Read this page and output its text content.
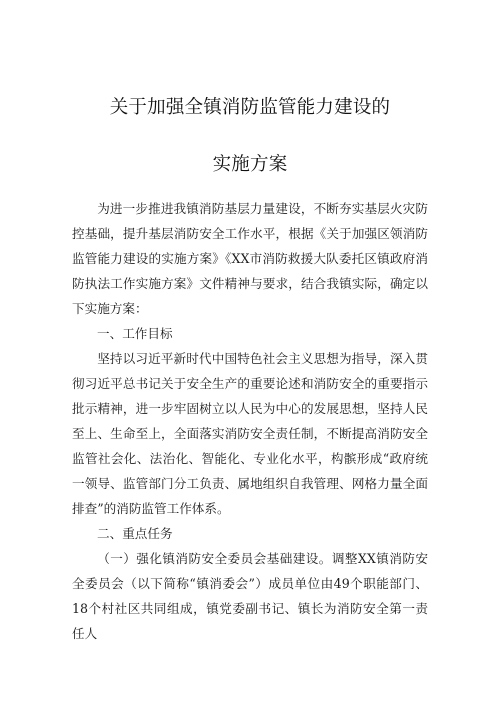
关于加强全镇消防监管能力建设的
实施方案
为进一步推进我镇消防基层力量建设，不断夯实基层火灾防控基础，提升基层消防安全工作水平，根据《关于加强区领消防监管能力建设的实施方案》《XX市消防救援大队委托区镇政府消防执法工作实施方案》文件精神与要求，结合我镇实际，确定以下实施方案：
一、工作目标
坚持以习近平新时代中国特色社会主义思想为指导，深入贯彻习近平总书记关于安全生产的重要论述和消防安全的重要指示批示精神，进一步牢固树立以人民为中心的发展思想，坚持人民至上、生命至上，全面落实消防安全责任制，不断提高消防安全监管社会化、法治化、智能化、专业化水平，构髌形成“政府统一领导、监管部门分工负责、属地组织自我管理、网格力量全面排查”的消防监管工作体系。
二、重点任务
（一）强化镇消防安全委员会基础建设。调整XX镇消防安全委员会（以下简称“镇消委会”）成员单位由49个职能部门、18个村社区共同组成，镇党委副书记、镇长为消防安全第一责任人
